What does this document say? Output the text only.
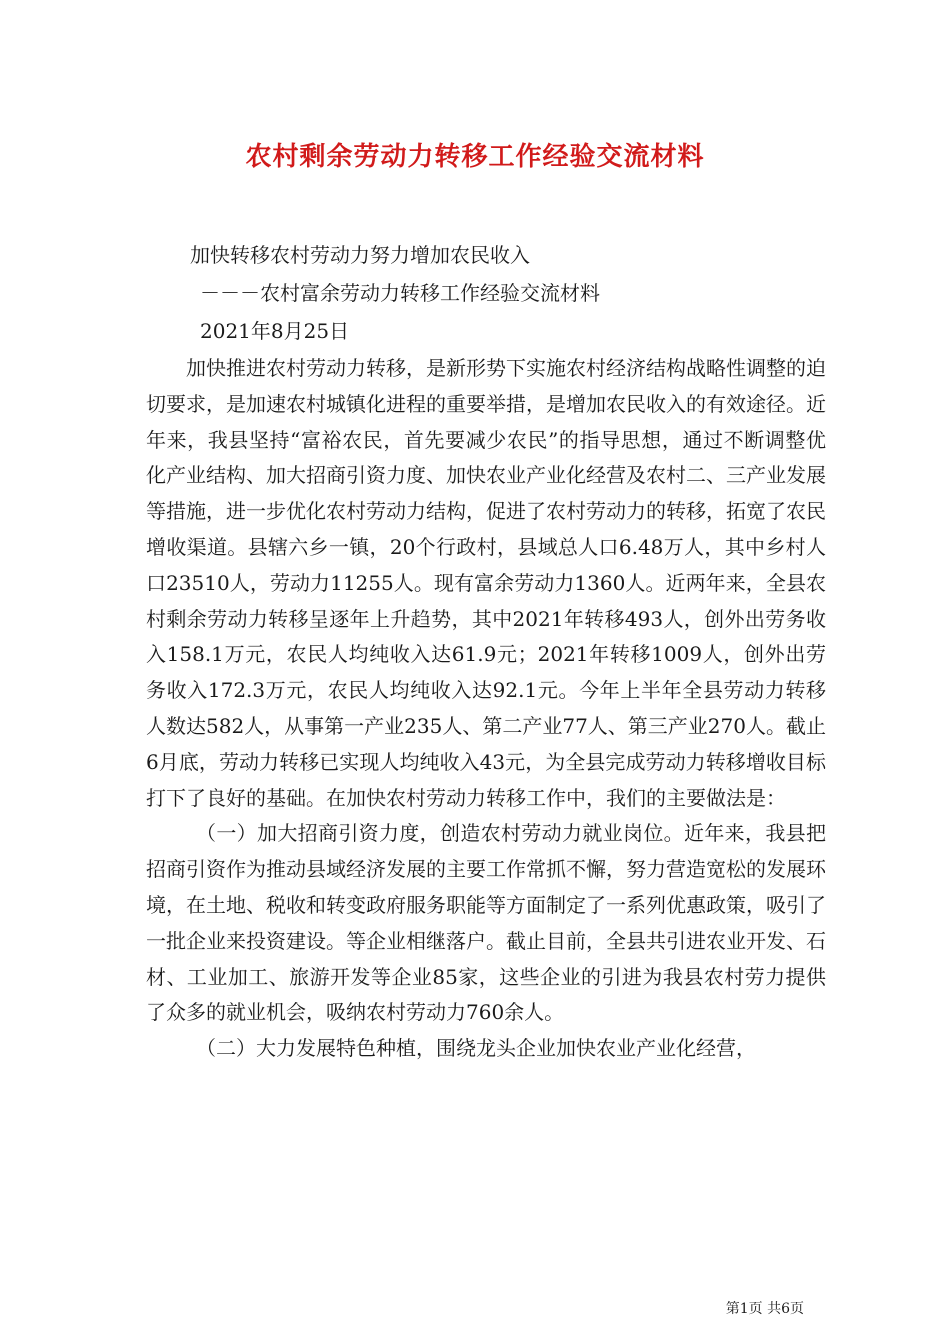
农村剩余劳动力转移工作经验交流材料
加快转移农村劳动力努力增加农民收入
－－－农村富余劳动力转移工作经验交流材料
2021年8月25日

加快推进农村劳动力转移，是新形势下实施农村经济结构战略性调整的迫切要求，是加速农村城镇化进程的重要举措，是增加农民收入的有效途径。近年来，我县坚持“富裕农民，首先要减少农民”的指导思想，通过不断调整优化产业结构、加大招商引资力度、加快农业产业化经营及农村二、三产业发展等措施，进一步优化农村劳动力结构，促进了农村劳动力的转移，拓宽了农民增收渠道。县辖六乡一镇，20个行政村，县域总人口6.48万人，其中乡村人口23510人，劳动力11255人。现有富余劳动力1360人。近两年来，全县农村剩余劳动力转移呈逐年上升趋势，其中2021年转移493人，创外出劳务收入158.1万元，农民人均纯收入达61.9元；2021年转移1009人，创外出劳务收入172.3万元，农民人均纯收入达92.1元。今年上半年全县劳动力转移人数达582人，从事第一产业235人、第二产业77人、第三产业270人。截止6月底，劳动力转移已实现人均纯收入43元，为全县完成劳动力转移增收目标打下了良好的基础。在加快农村劳动力转移工作中，我们的主要做法是：

（一）加大招商引资力度，创造农村劳动力就业岗位。近年来，我县把招商引资作为推动县域经济发展的主要工作常抓不懈，努力营造宽松的发展环境，在土地、税收和转变政府服务职能等方面制定了一系列优惠政策，吸引了一批企业来投资建设。等企业相继落户。截止目前，全县共引进农业开发、石材、工业加工、旅游开发等企业85家，这些企业的引进为我县农村劳力提供了众多的就业机会，吸纳农村劳动力760余人。

（二）大力发展特色种植，围绕龙头企业加快农业产业化经营，

第1页 共6页
